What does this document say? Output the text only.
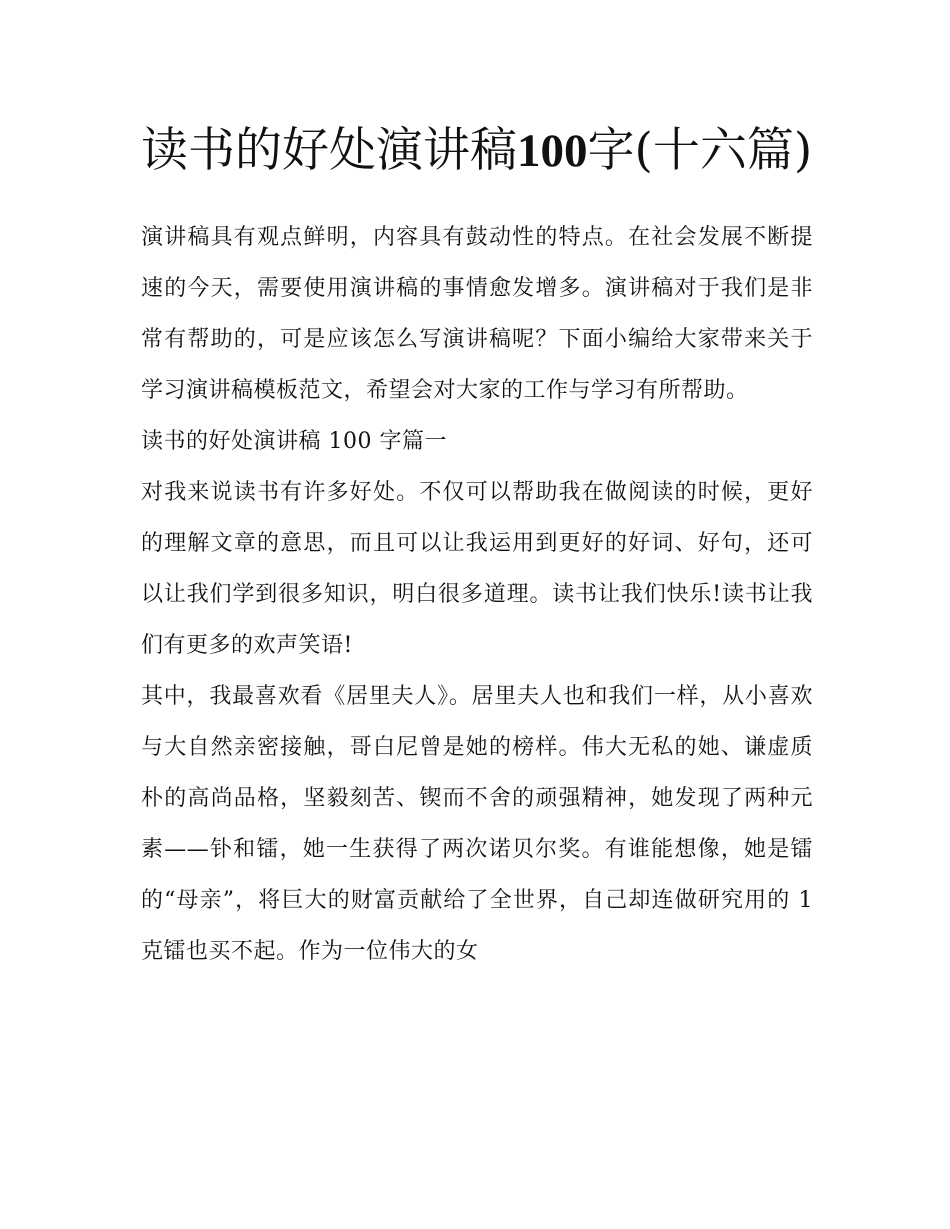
读书的好处演讲稿100字(十六篇)

演讲稿具有观点鲜明，内容具有鼓动性的特点。在社会发展不断提速的今天，需要使用演讲稿的事情愈发增多。演讲稿对于我们是非常有帮助的，可是应该怎么写演讲稿呢？下面小编给大家带来关于学习演讲稿模板范文，希望会对大家的工作与学习有所帮助。

读书的好处演讲稿 100 字篇一

对我来说读书有许多好处。不仅可以帮助我在做阅读的时候，更好的理解文章的意思，而且可以让我运用到更好的好词、好句，还可以让我们学到很多知识，明白很多道理。读书让我们快乐!读书让我们有更多的欢声笑语!

其中，我最喜欢看《居里夫人》。居里夫人也和我们一样，从小喜欢与大自然亲密接触，哥白尼曾是她的榜样。伟大无私的她、谦虚质朴的高尚品格，坚毅刻苦、锲而不舍的顽强精神，她发现了两种元素——钋和镭，她一生获得了两次诺贝尔奖。有谁能想像，她是镭的“母亲”，将巨大的财富贡献给了全世界，自己却连做研究用的 1 克镭也买不起。作为一位伟大的女
